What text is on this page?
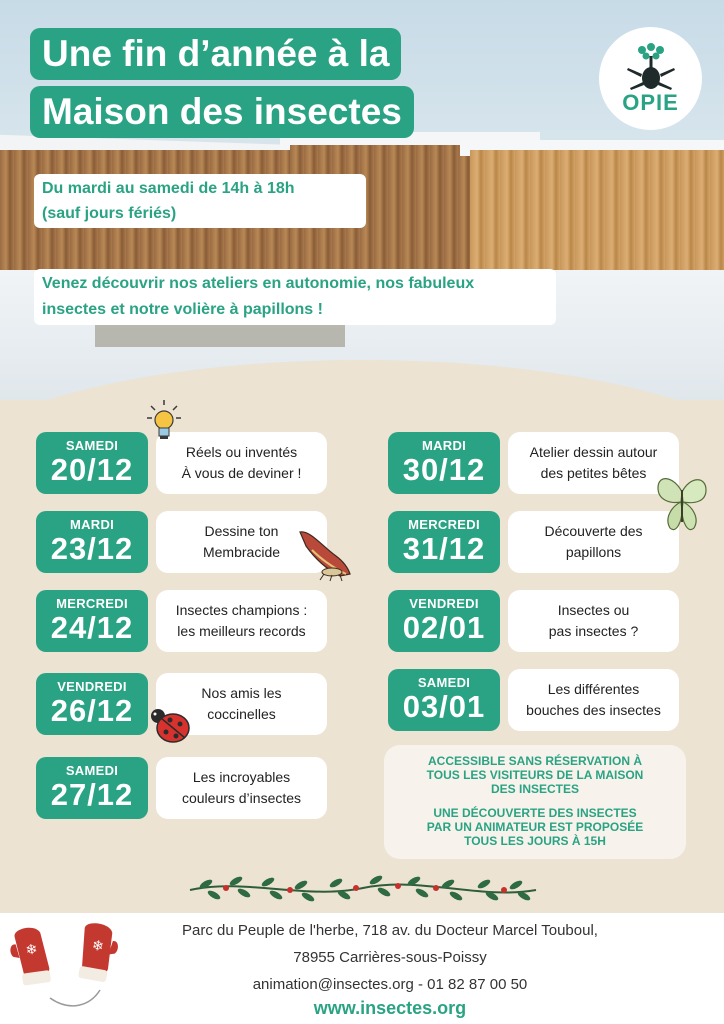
Une fin d’année à la
Maison des insectes	OPIE
Du mardi au samedi de 14h à 18h
(sauf jours fériés)
Venez découvrir nos ateliers en autonomie, nos fabuleux
insectes et notre volière à papillons !
SAMEDI
20/12	Réels ou inventés
À vous de deviner !
MARDI
23/12	Dessine ton
Membracide
MERCREDI
24/12	Insectes champions :
les meilleurs records
VENDREDI
26/12	Nos amis les
coccinelles
SAMEDI
27/12	Les incroyables
couleurs d’insectes
MARDI
30/12	Atelier dessin autour
des petites bêtes
MERCREDI
31/12	Découverte des
papillons
VENDREDI
02/01	Insectes ou
pas insectes ?
SAMEDI
03/01	Les différentes
bouches des insectes

ACCESSIBLE SANS RÉSERVATION À
TOUS LES VISITEURS DE LA MAISON
DES INSECTES

UNE DÉCOUVERTE DES INSECTES
PAR UN ANIMATEUR EST PROPOSÉE
TOUS LES JOURS À 15H

Parc du Peuple de l'herbe, 718 av. du Docteur Marcel Touboul,
78955 Carrières-sous-Poissy
animation@insectes.org - 01 82 87 00 50
www.insectes.org
❄	❄
